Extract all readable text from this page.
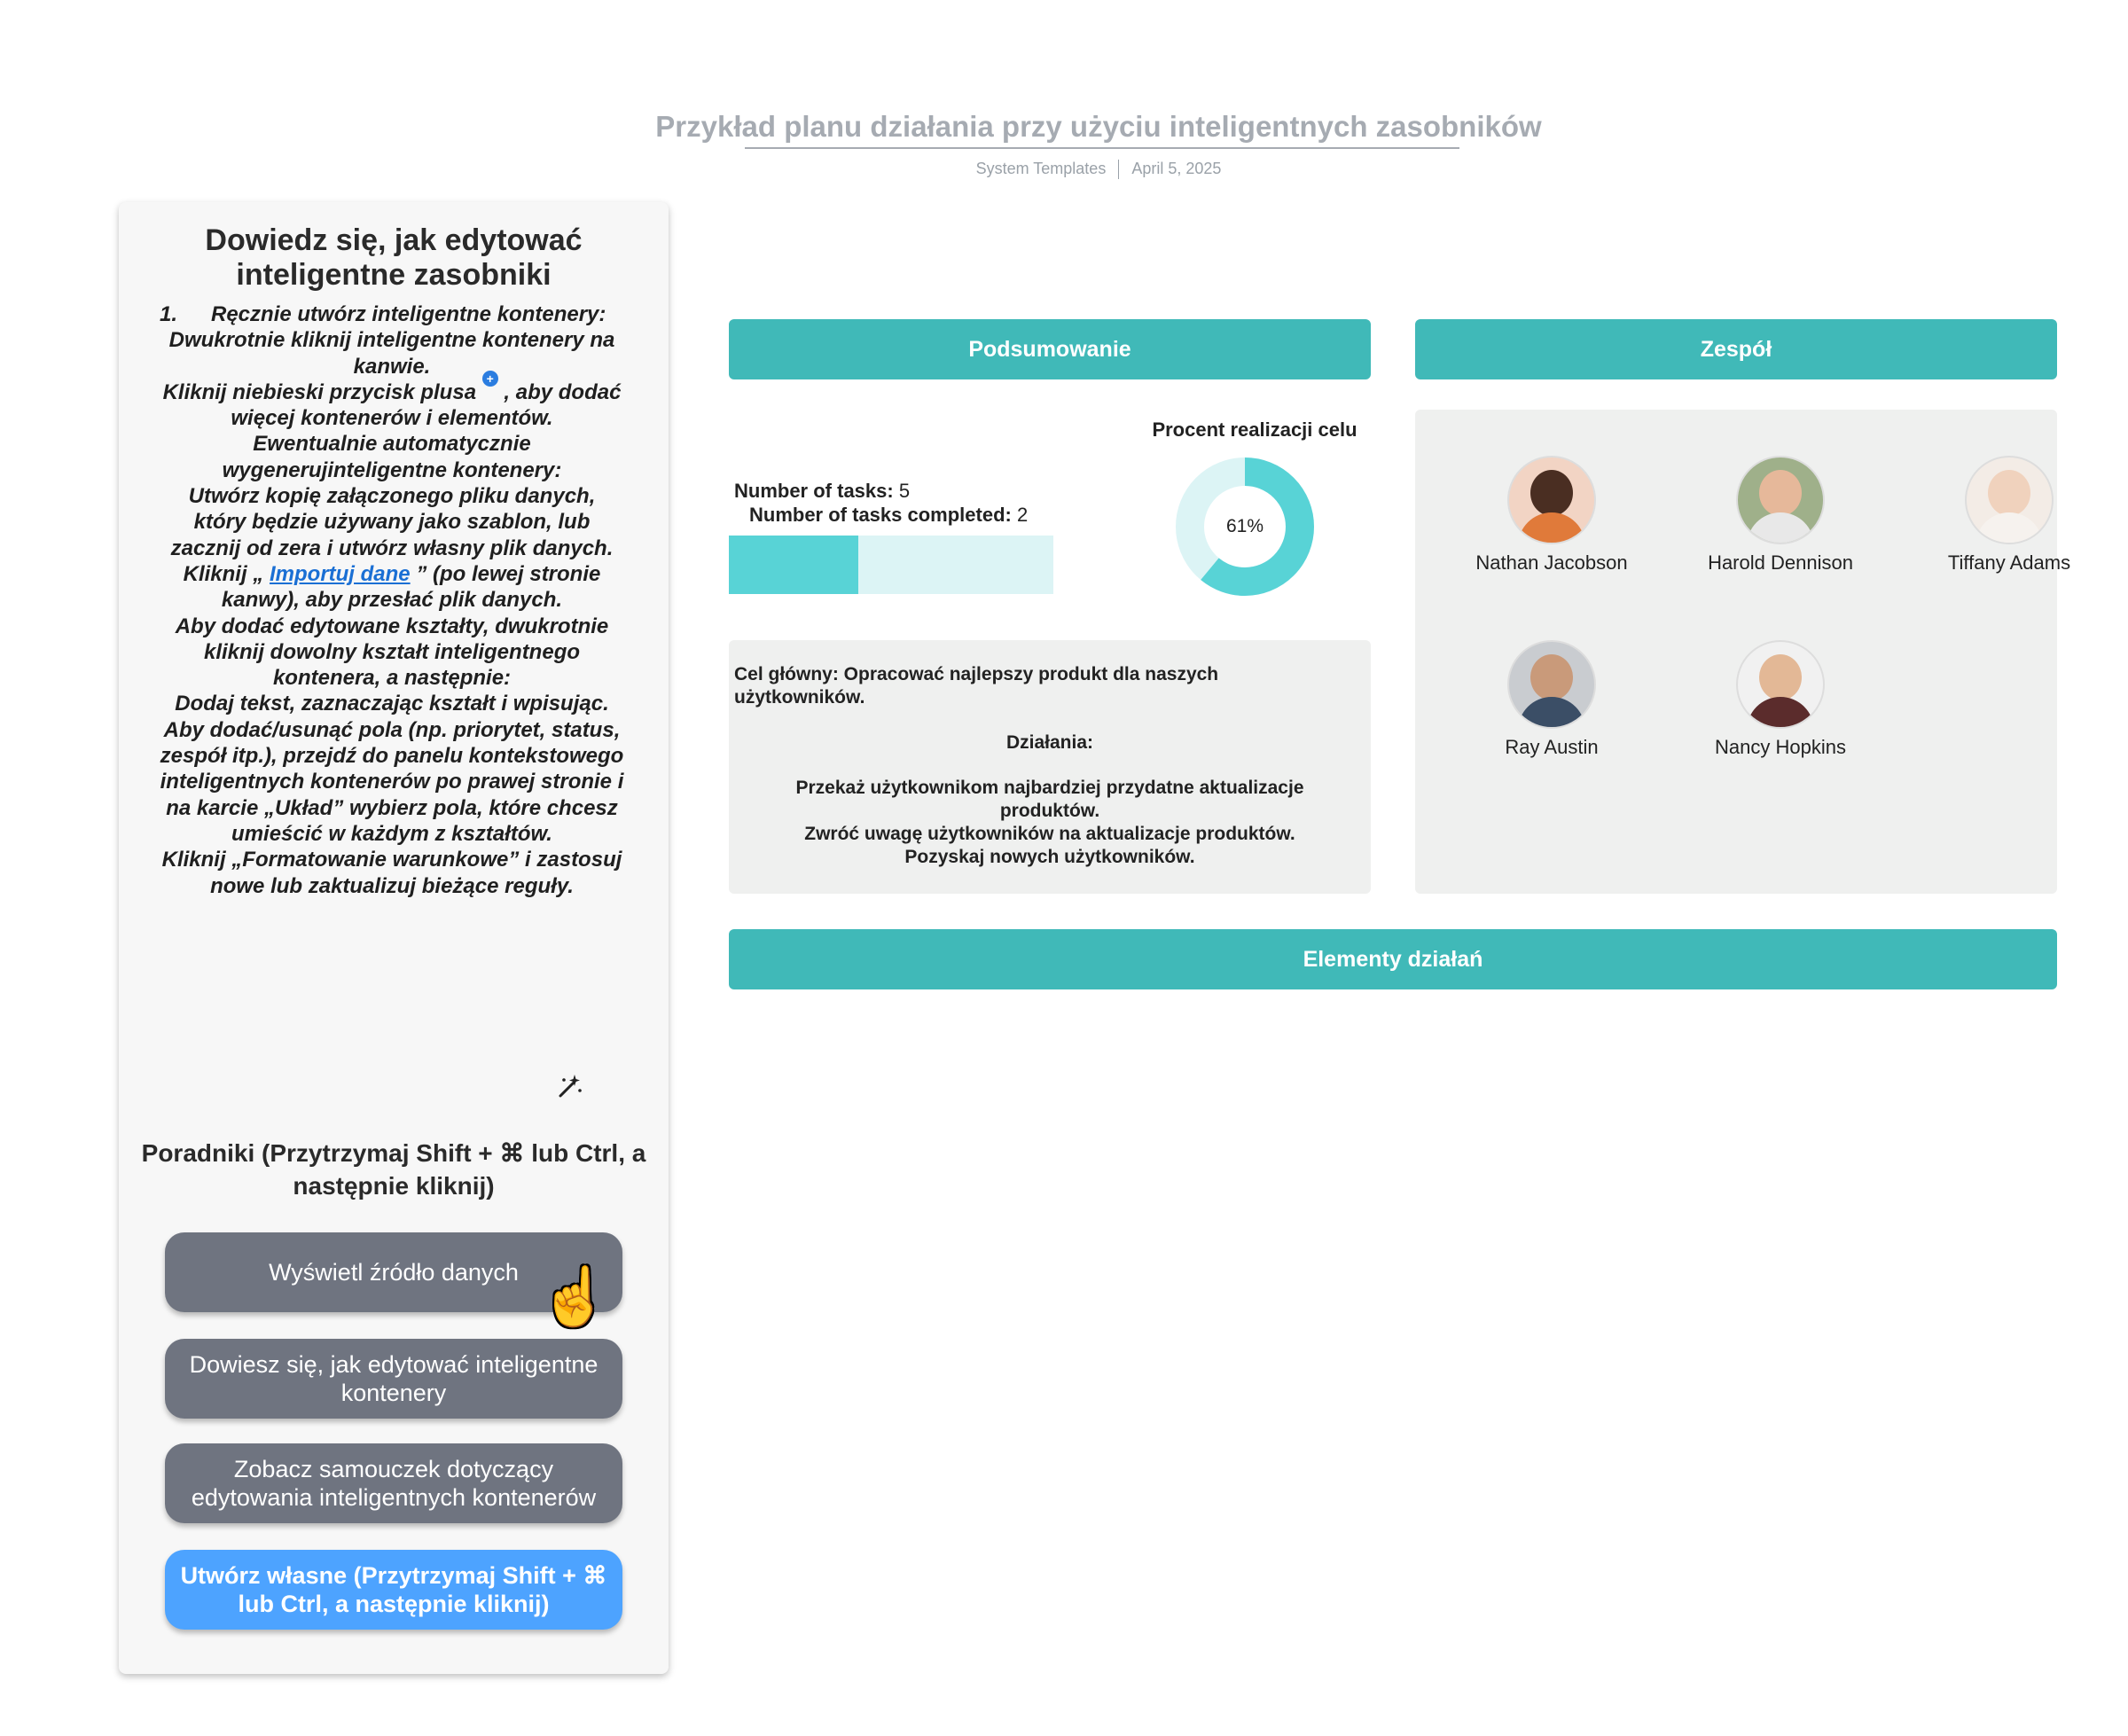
Przykład planu działania przy użyciu inteligentnych zasobników
System Templates April 5, 2025
Dowiedz się, jak edytować inteligentne zasobniki
1. Ręcznie utwórz inteligentne kontenery:
Dwukrotnie kliknij inteligentne kontenery na kanwie.
Kliknij niebieski przycisk plusa + , aby dodać więcej kontenerów i elementów.
Ewentualnie automatycznie wygenerujinteligentne kontenery:
Utwórz kopię załączonego pliku danych, który będzie używany jako szablon, lub zacznij od zera i utwórz własny plik danych.
Kliknij „ Importuj dane ” (po lewej stronie kanwy), aby przesłać plik danych.
Aby dodać edytowane kształty, dwukrotnie kliknij dowolny kształt inteligentnego kontenera, a następnie:
Dodaj tekst, zaznaczając kształt i wpisując.
Aby dodać/usunąć pola (np. priorytet, status, zespół itp.), przejdź do panelu kontekstowego inteligentnych kontenerów po prawej stronie i na karcie „Układ” wybierz pola, które chcesz umieścić w każdym z kształtów.
Kliknij „Formatowanie warunkowe” i zastosuj nowe lub zaktualizuj bieżące reguły.
Poradniki (Przytrzymaj Shift + ⌘ lub Ctrl, a następnie kliknij)
Wyświetl źródło danych
Dowiesz się, jak edytować inteligentne kontenery
Zobacz samouczek dotyczący edytowania inteligentnych kontenerów
Utwórz własne (Przytrzymaj Shift + ⌘ lub Ctrl, a następnie kliknij)
☝
Podsumowanie	Zespół
Elementy działań
Number of tasks: 5
Number of tasks completed: 2
Procent realizacji celu
61%
Cel główny: Opracować najlepszy produkt dla naszych użytkowników.
Działania:
Przekaż użytkownikom najbardziej przydatne aktualizacje produktów.
Zwróć uwagę użytkowników na aktualizacje produktów.
Pozyskaj nowych użytkowników.
Nathan Jacobson	Harold Dennison	Tiffany Adams
Ray Austin	Nancy Hopkins
